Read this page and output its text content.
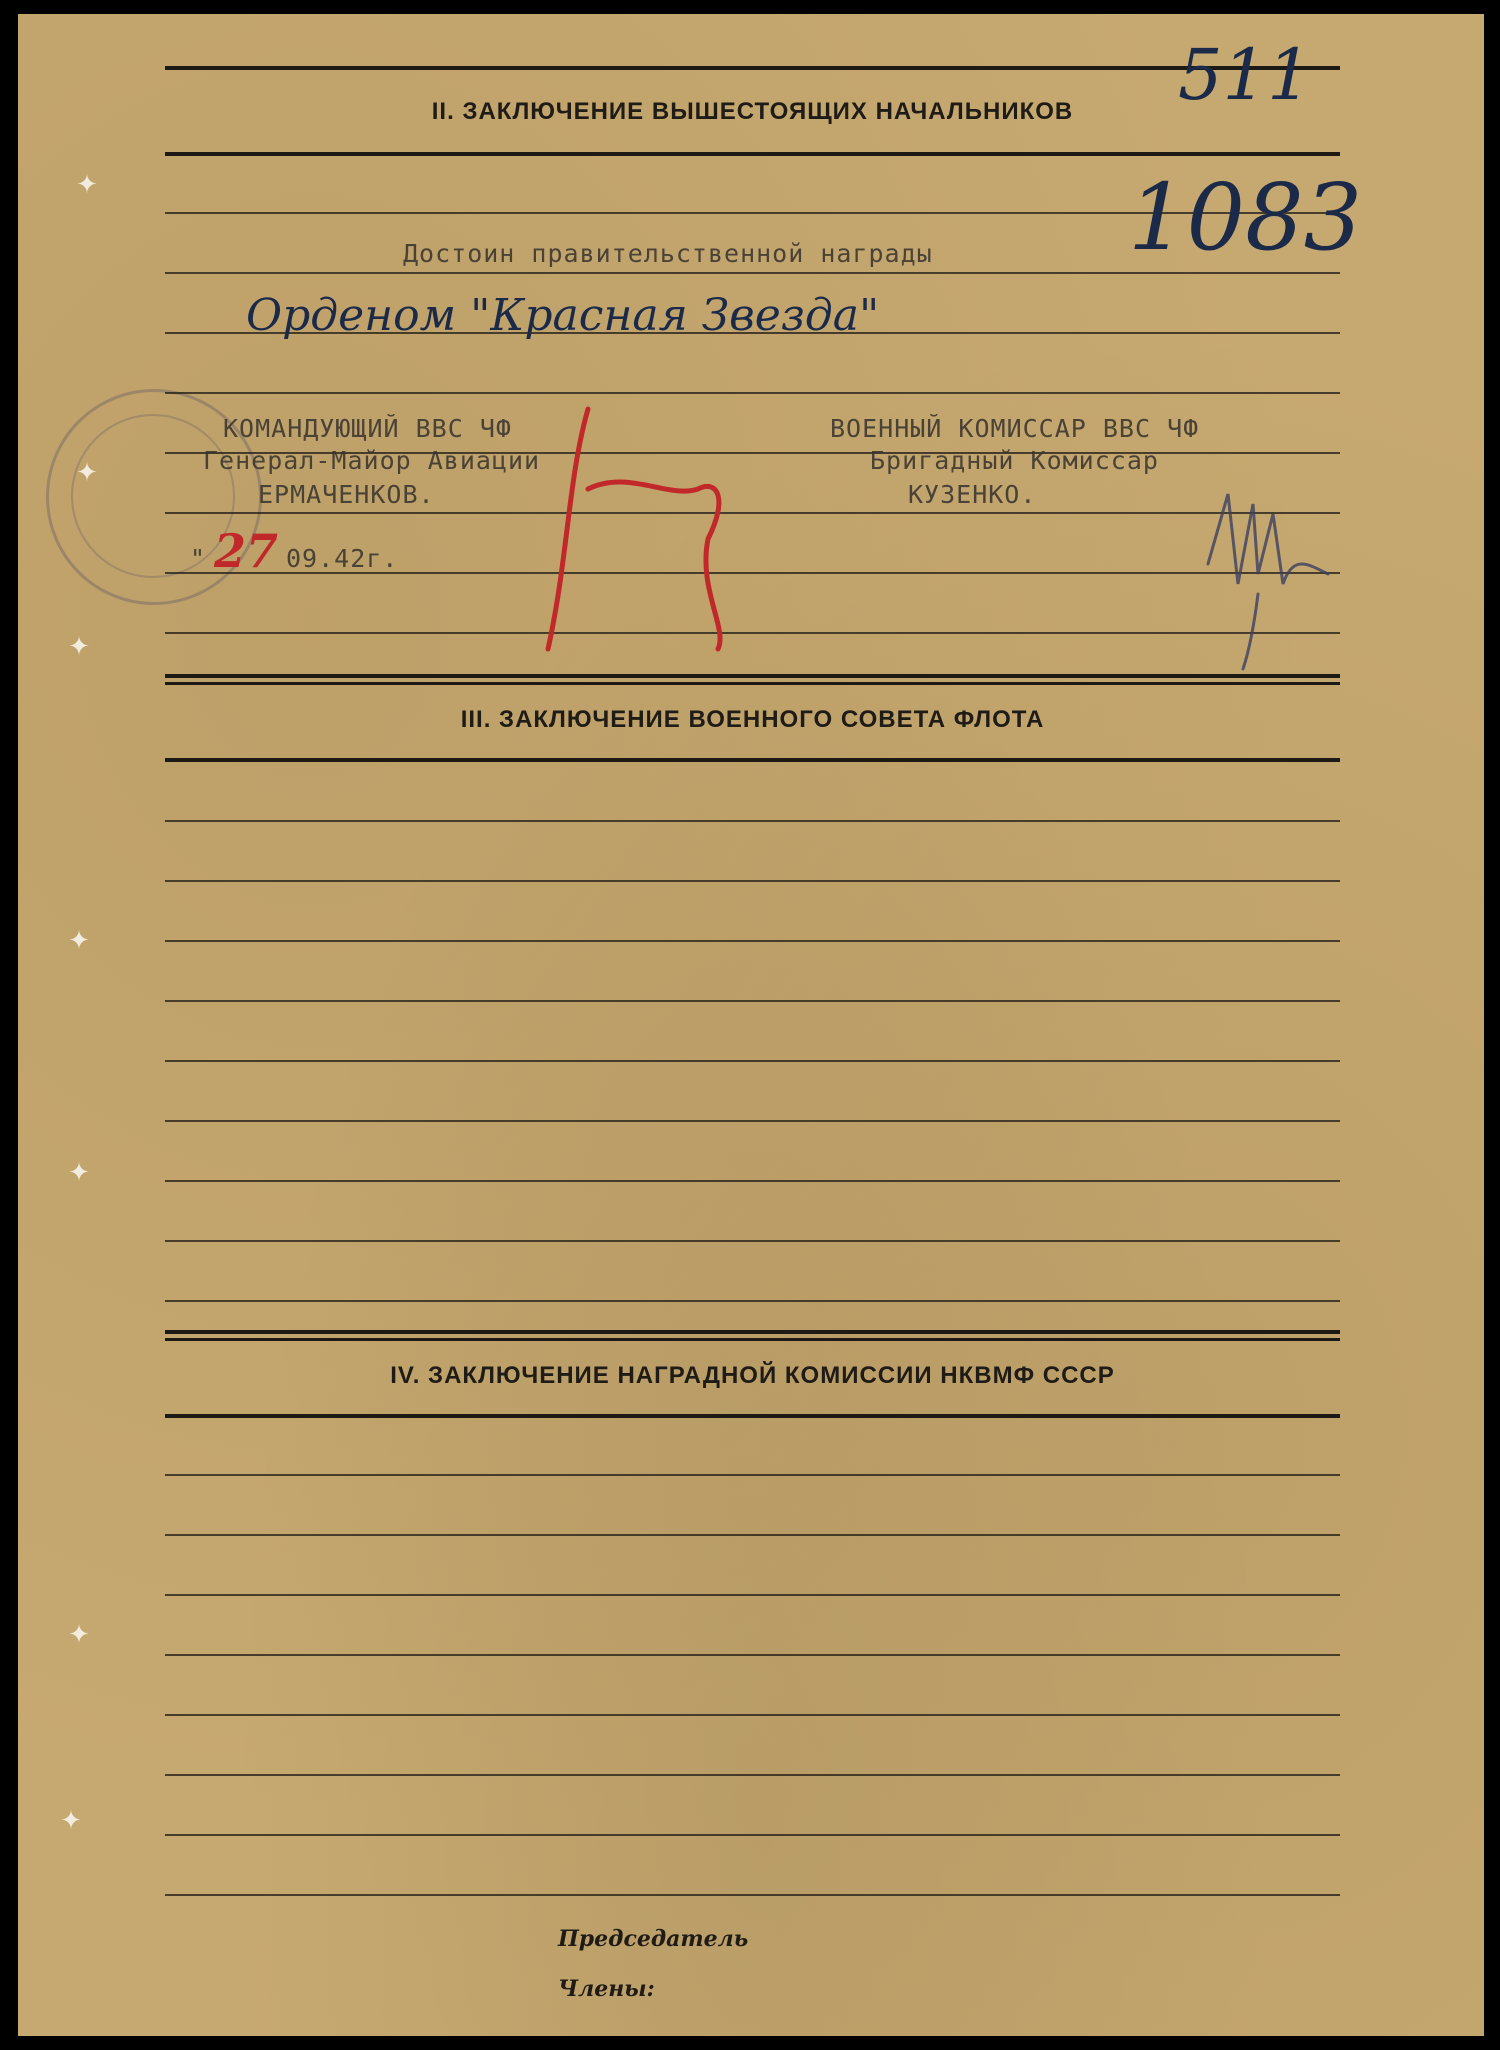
✦
✦
✦
✦
✦
✦
✦
II. ЗАКЛЮЧЕНИЕ ВЫШЕСТОЯЩИХ НАЧАЛЬНИКОВ
Достоин правительственной награды
Орденом "Красная Звезда"
КОМАНДУЮЩИЙ ВВС ЧФ
Генерал-Майор Авиации
ЕРМАЧЕНКОВ.
ВОЕННЫЙ КОМИССАР ВВС ЧФ
Бригадный Комиссар
КУЗЕНКО.
" 27 09.42г.
511
1083
III. ЗАКЛЮЧЕНИЕ ВОЕННОГО СОВЕТА ФЛОТА
IV. ЗАКЛЮЧЕНИЕ НАГРАДНОЙ КОМИССИИ НКВМФ СССР
Председатель
Члены:
